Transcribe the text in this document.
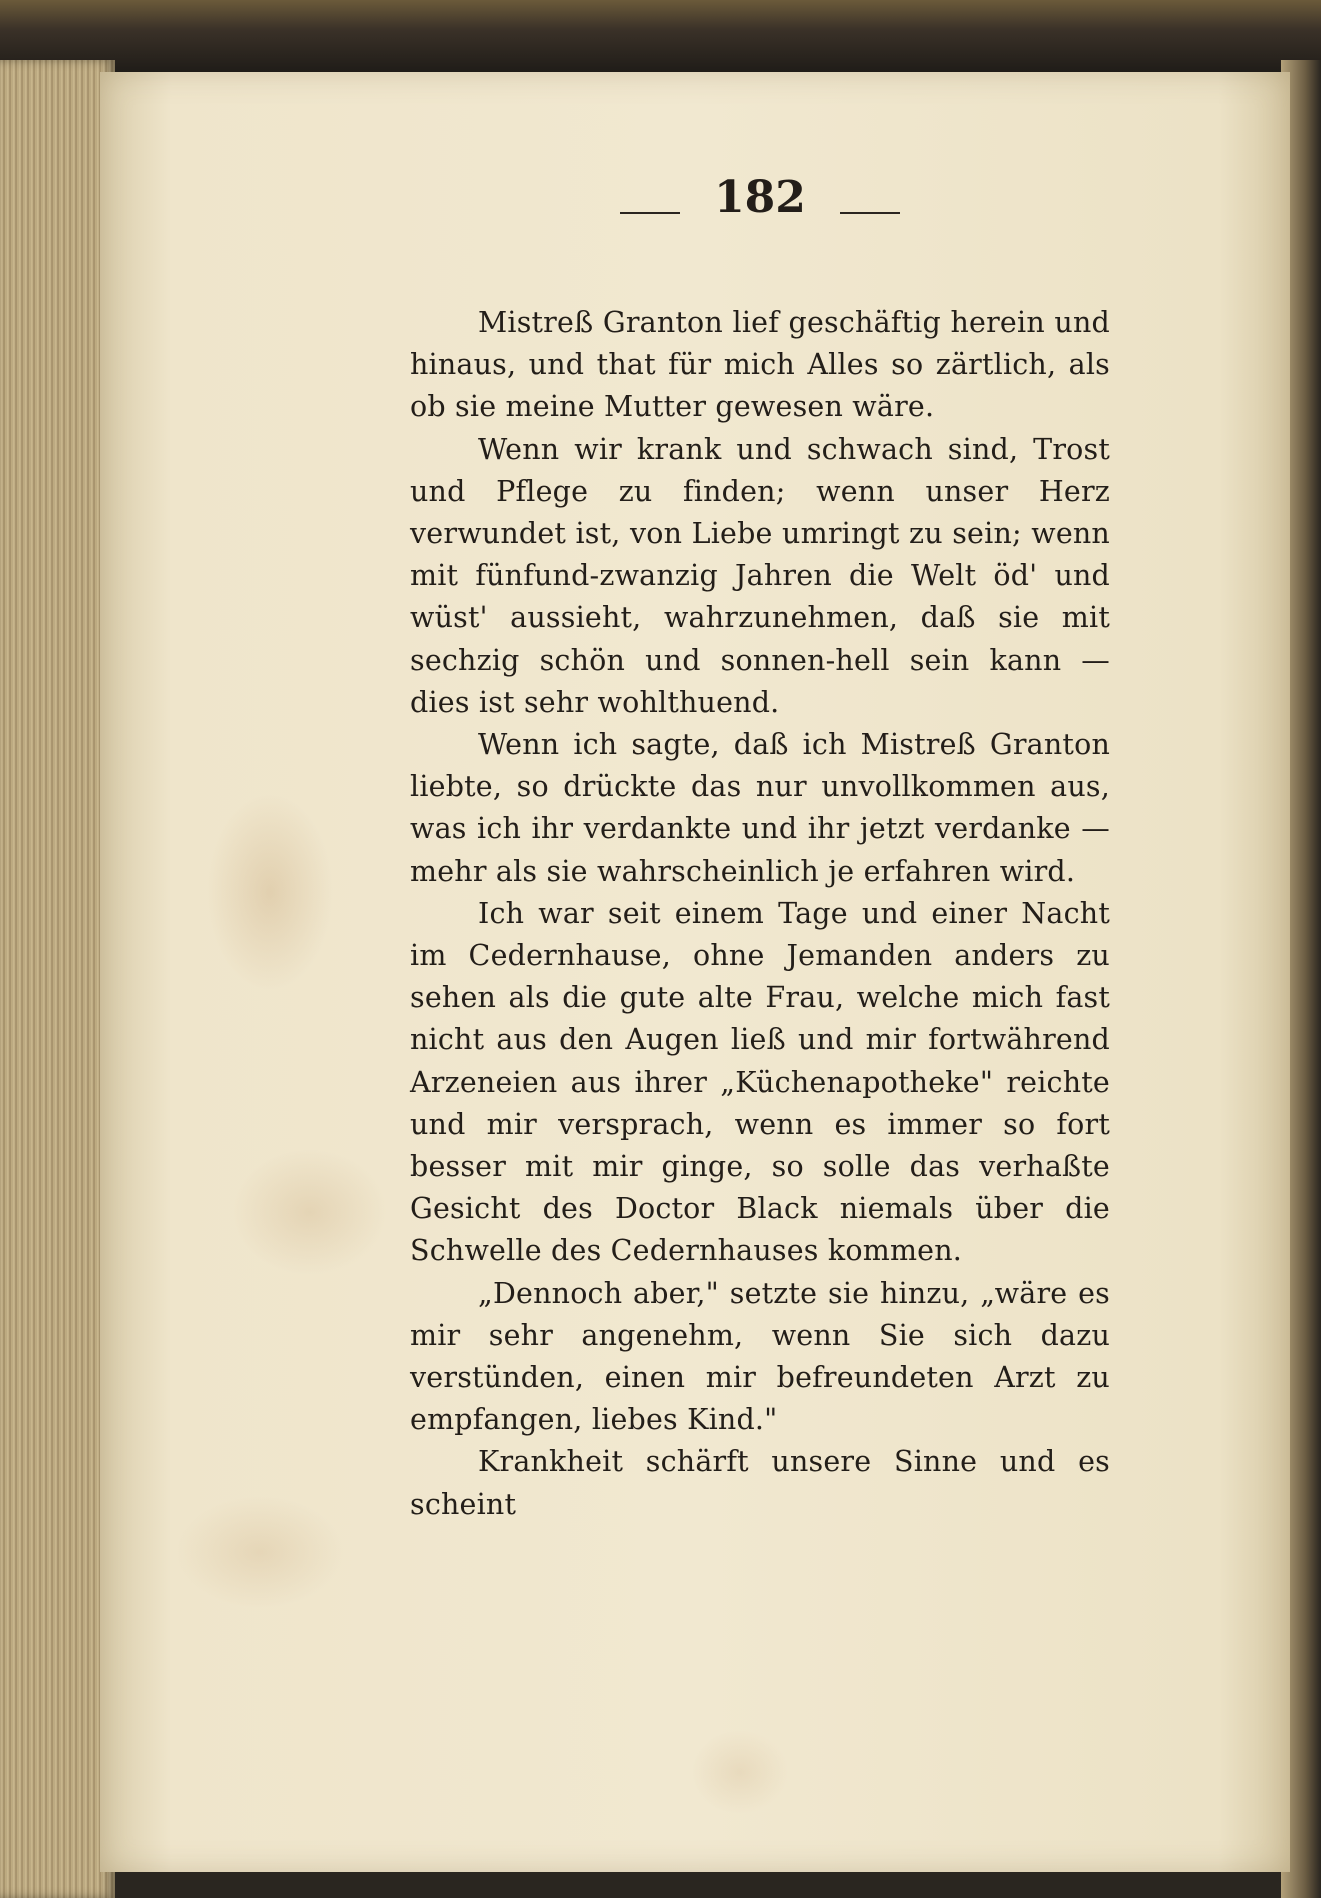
182

Mistreß Granton lief geschäftig herein und hinaus, und that für mich Alles so zärtlich, als ob sie meine Mutter gewesen wäre.

Wenn wir krank und schwach sind, Trost und Pflege zu finden; wenn unser Herz verwundet ist, von Liebe umringt zu sein; wenn mit fünfund-zwanzig Jahren die Welt öd' und wüst' aussieht, wahrzunehmen, daß sie mit sechzig schön und sonnen-hell sein kann — dies ist sehr wohlthuend.

Wenn ich sagte, daß ich Mistreß Granton liebte, so drückte das nur unvollkommen aus, was ich ihr verdankte und ihr jetzt verdanke — mehr als sie wahrscheinlich je erfahren wird.

Ich war seit einem Tage und einer Nacht im Cedernhause, ohne Jemanden anders zu sehen als die gute alte Frau, welche mich fast nicht aus den Augen ließ und mir fortwährend Arzeneien aus ihrer „Küchenapotheke" reichte und mir versprach, wenn es immer so fort besser mit mir ginge, so solle das verhaßte Gesicht des Doctor Black niemals über die Schwelle des Cedernhauses kommen.

„Dennoch aber," setzte sie hinzu, „wäre es mir sehr angenehm, wenn Sie sich dazu verstünden, einen mir befreundeten Arzt zu empfangen, liebes Kind."

Krankheit schärft unsere Sinne und es scheint
